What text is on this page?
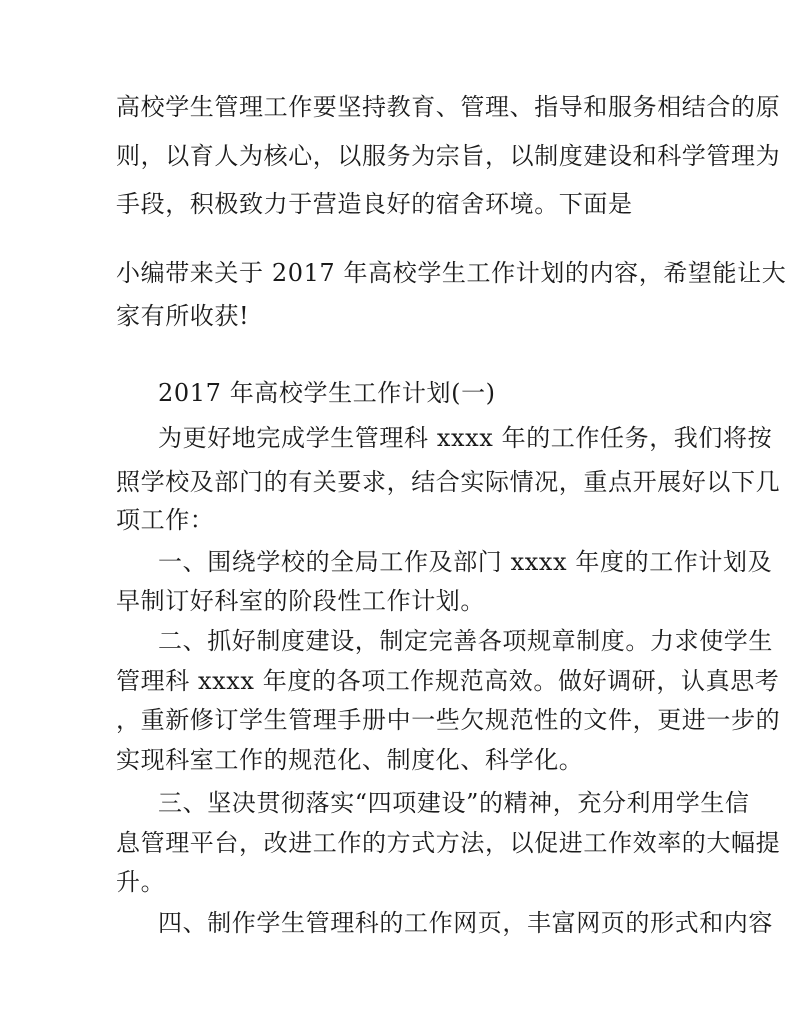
高校学生管理工作要坚持教育、管理、指导和服务相结合的原
则，以育人为核心，以服务为宗旨，以制度建设和科学管理为
手段，积极致力于营造良好的宿舍环境。下面是
小编带来关于 2017 年高校学生工作计划的内容，希望能让大
家有所收获!
2017 年高校学生工作计划(一)
为更好地完成学生管理科 xxxx 年的工作任务，我们将按
照学校及部门的有关要求，结合实际情况，重点开展好以下几
项工作：
一、围绕学校的全局工作及部门 xxxx 年度的工作计划及
早制订好科室的阶段性工作计划。
二、抓好制度建设，制定完善各项规章制度。力求使学生
管理科 xxxx 年度的各项工作规范高效。做好调研，认真思考
，重新修订学生管理手册中一些欠规范性的文件，更进一步的
实现科室工作的规范化、制度化、科学化。
三、坚决贯彻落实“四项建设”的精神，充分利用学生信
息管理平台，改进工作的方式方法，以促进工作效率的大幅提
升。
四、制作学生管理科的工作网页，丰富网页的形式和内容
